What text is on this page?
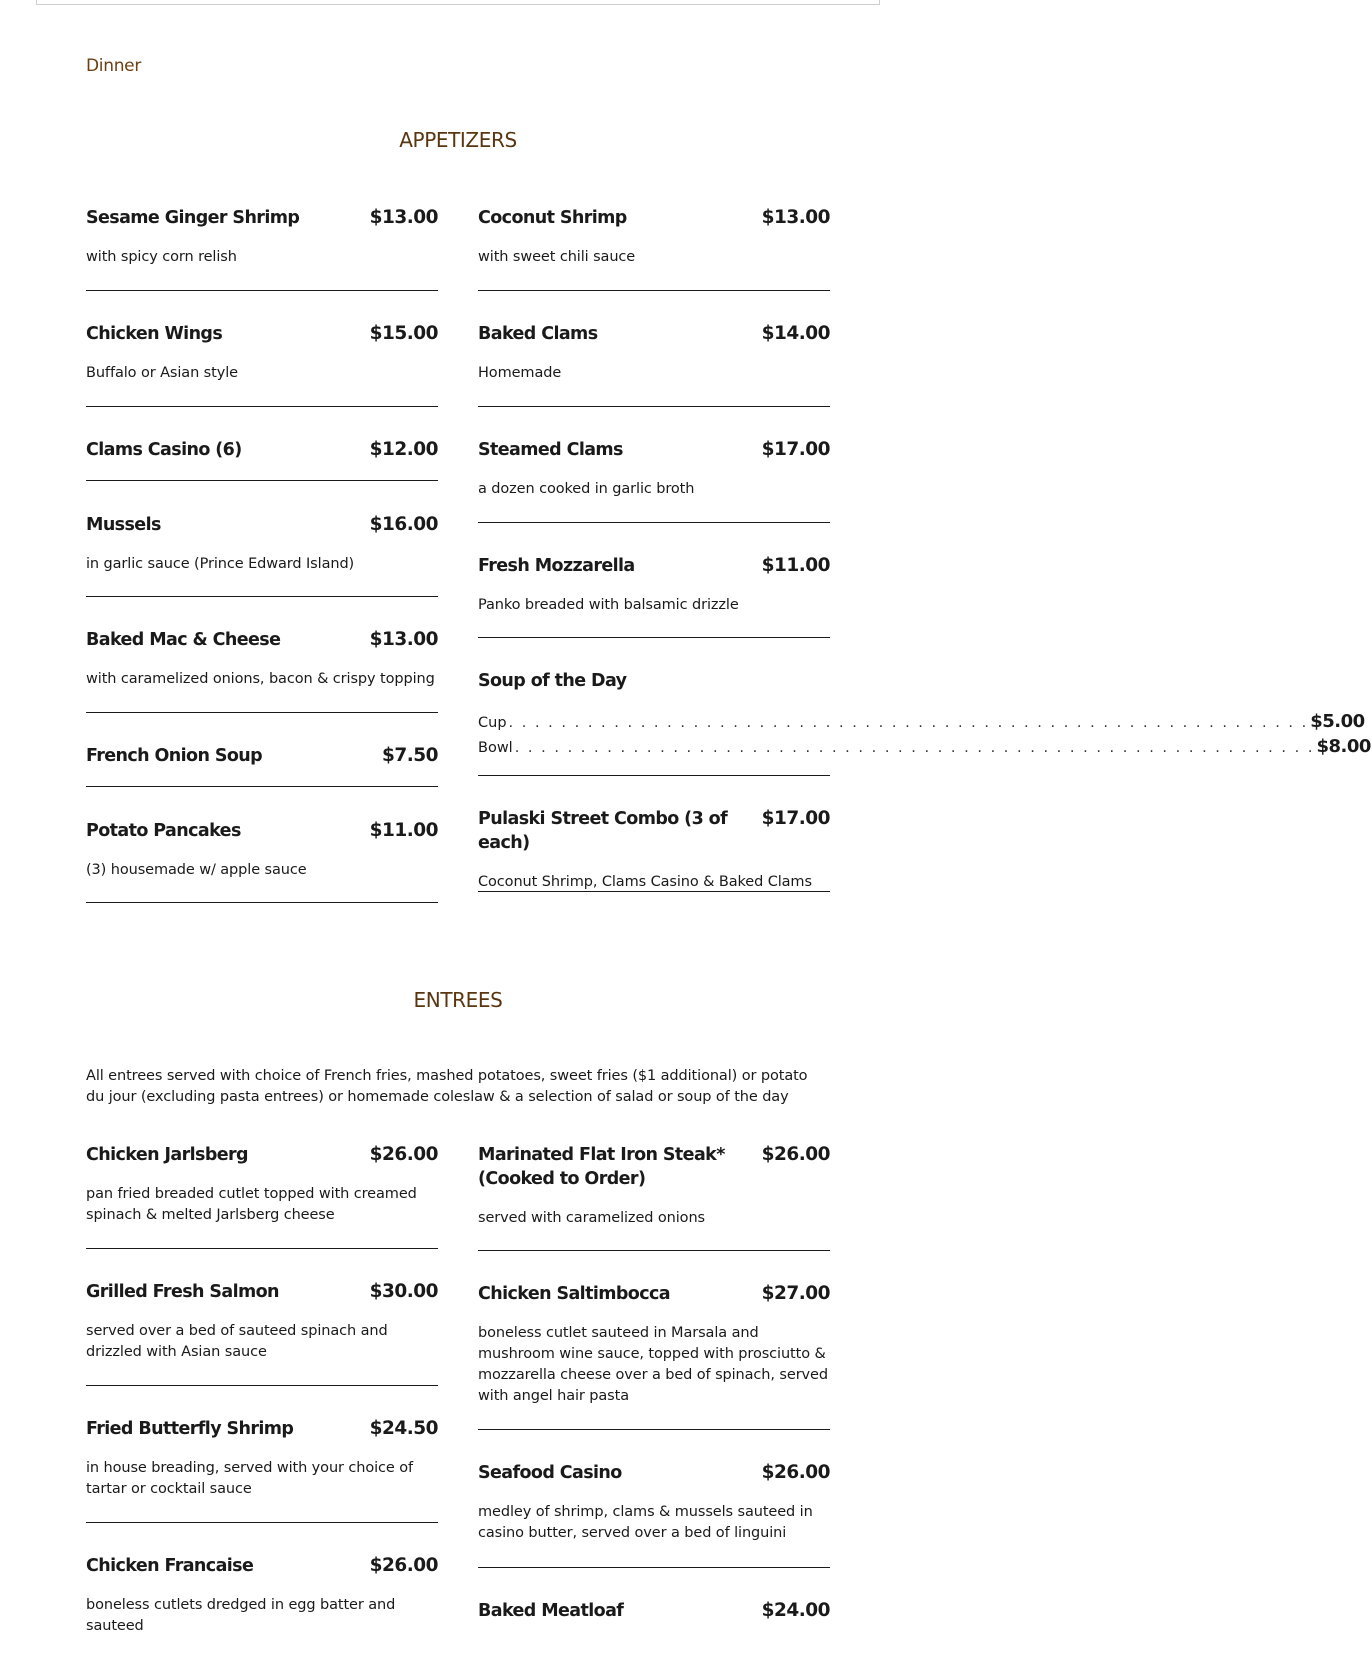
Dinner
APPETIZERS
Sesame Ginger Shrimp	$13.00
with spicy corn relish
Chicken Wings	$15.00
Buffalo or Asian style
Clams Casino (6)	$12.00
Mussels	$16.00
in garlic sauce (Prince Edward Island)
Baked Mac & Cheese	$13.00
with caramelized onions, bacon & crispy topping
French Onion Soup	$7.50
Potato Pancakes	$11.00
(3) housemade w/ apple sauce
Coconut Shrimp	$13.00
with sweet chili sauce
Baked Clams	$14.00
Homemade
Steamed Clams	$17.00
a dozen cooked in garlic broth
Fresh Mozzarella	$11.00
Panko breaded with balsamic drizzle
Soup of the Day
Cup . . .	$5.00
Bowl . . .	$8.00
Pulaski Street Combo (3 of each)
$17.00
Coconut Shrimp, Clams Casino & Baked Clams
ENTREES
All entrees served with choice of French fries, mashed potatoes, sweet fries ($1 additional) or potato du jour (excluding pasta entrees) or homemade coleslaw & a selection of salad or soup of the day
Chicken Jarlsberg	$26.00
pan fried breaded cutlet topped with creamed spinach & melted Jarlsberg cheese
Grilled Fresh Salmon	$30.00
served over a bed of sauteed spinach and drizzled with Asian sauce
Fried Butterfly Shrimp	$24.50
in house breading, served with your choice of tartar or cocktail sauce
Chicken Francaise	$26.00
boneless cutlets dredged in egg batter and sauteed
Marinated Flat Iron Steak* (Cooked to Order)
$26.00
served with caramelized onions
Chicken Saltimbocca	$27.00
boneless cutlet sauteed in Marsala and mushroom wine sauce, topped with prosciutto & mozzarella cheese over a bed of spinach, served with angel hair pasta
Seafood Casino	$26.00
medley of shrimp, clams & mussels sauteed in casino butter, served over a bed of linguini
Baked Meatloaf	$24.00
